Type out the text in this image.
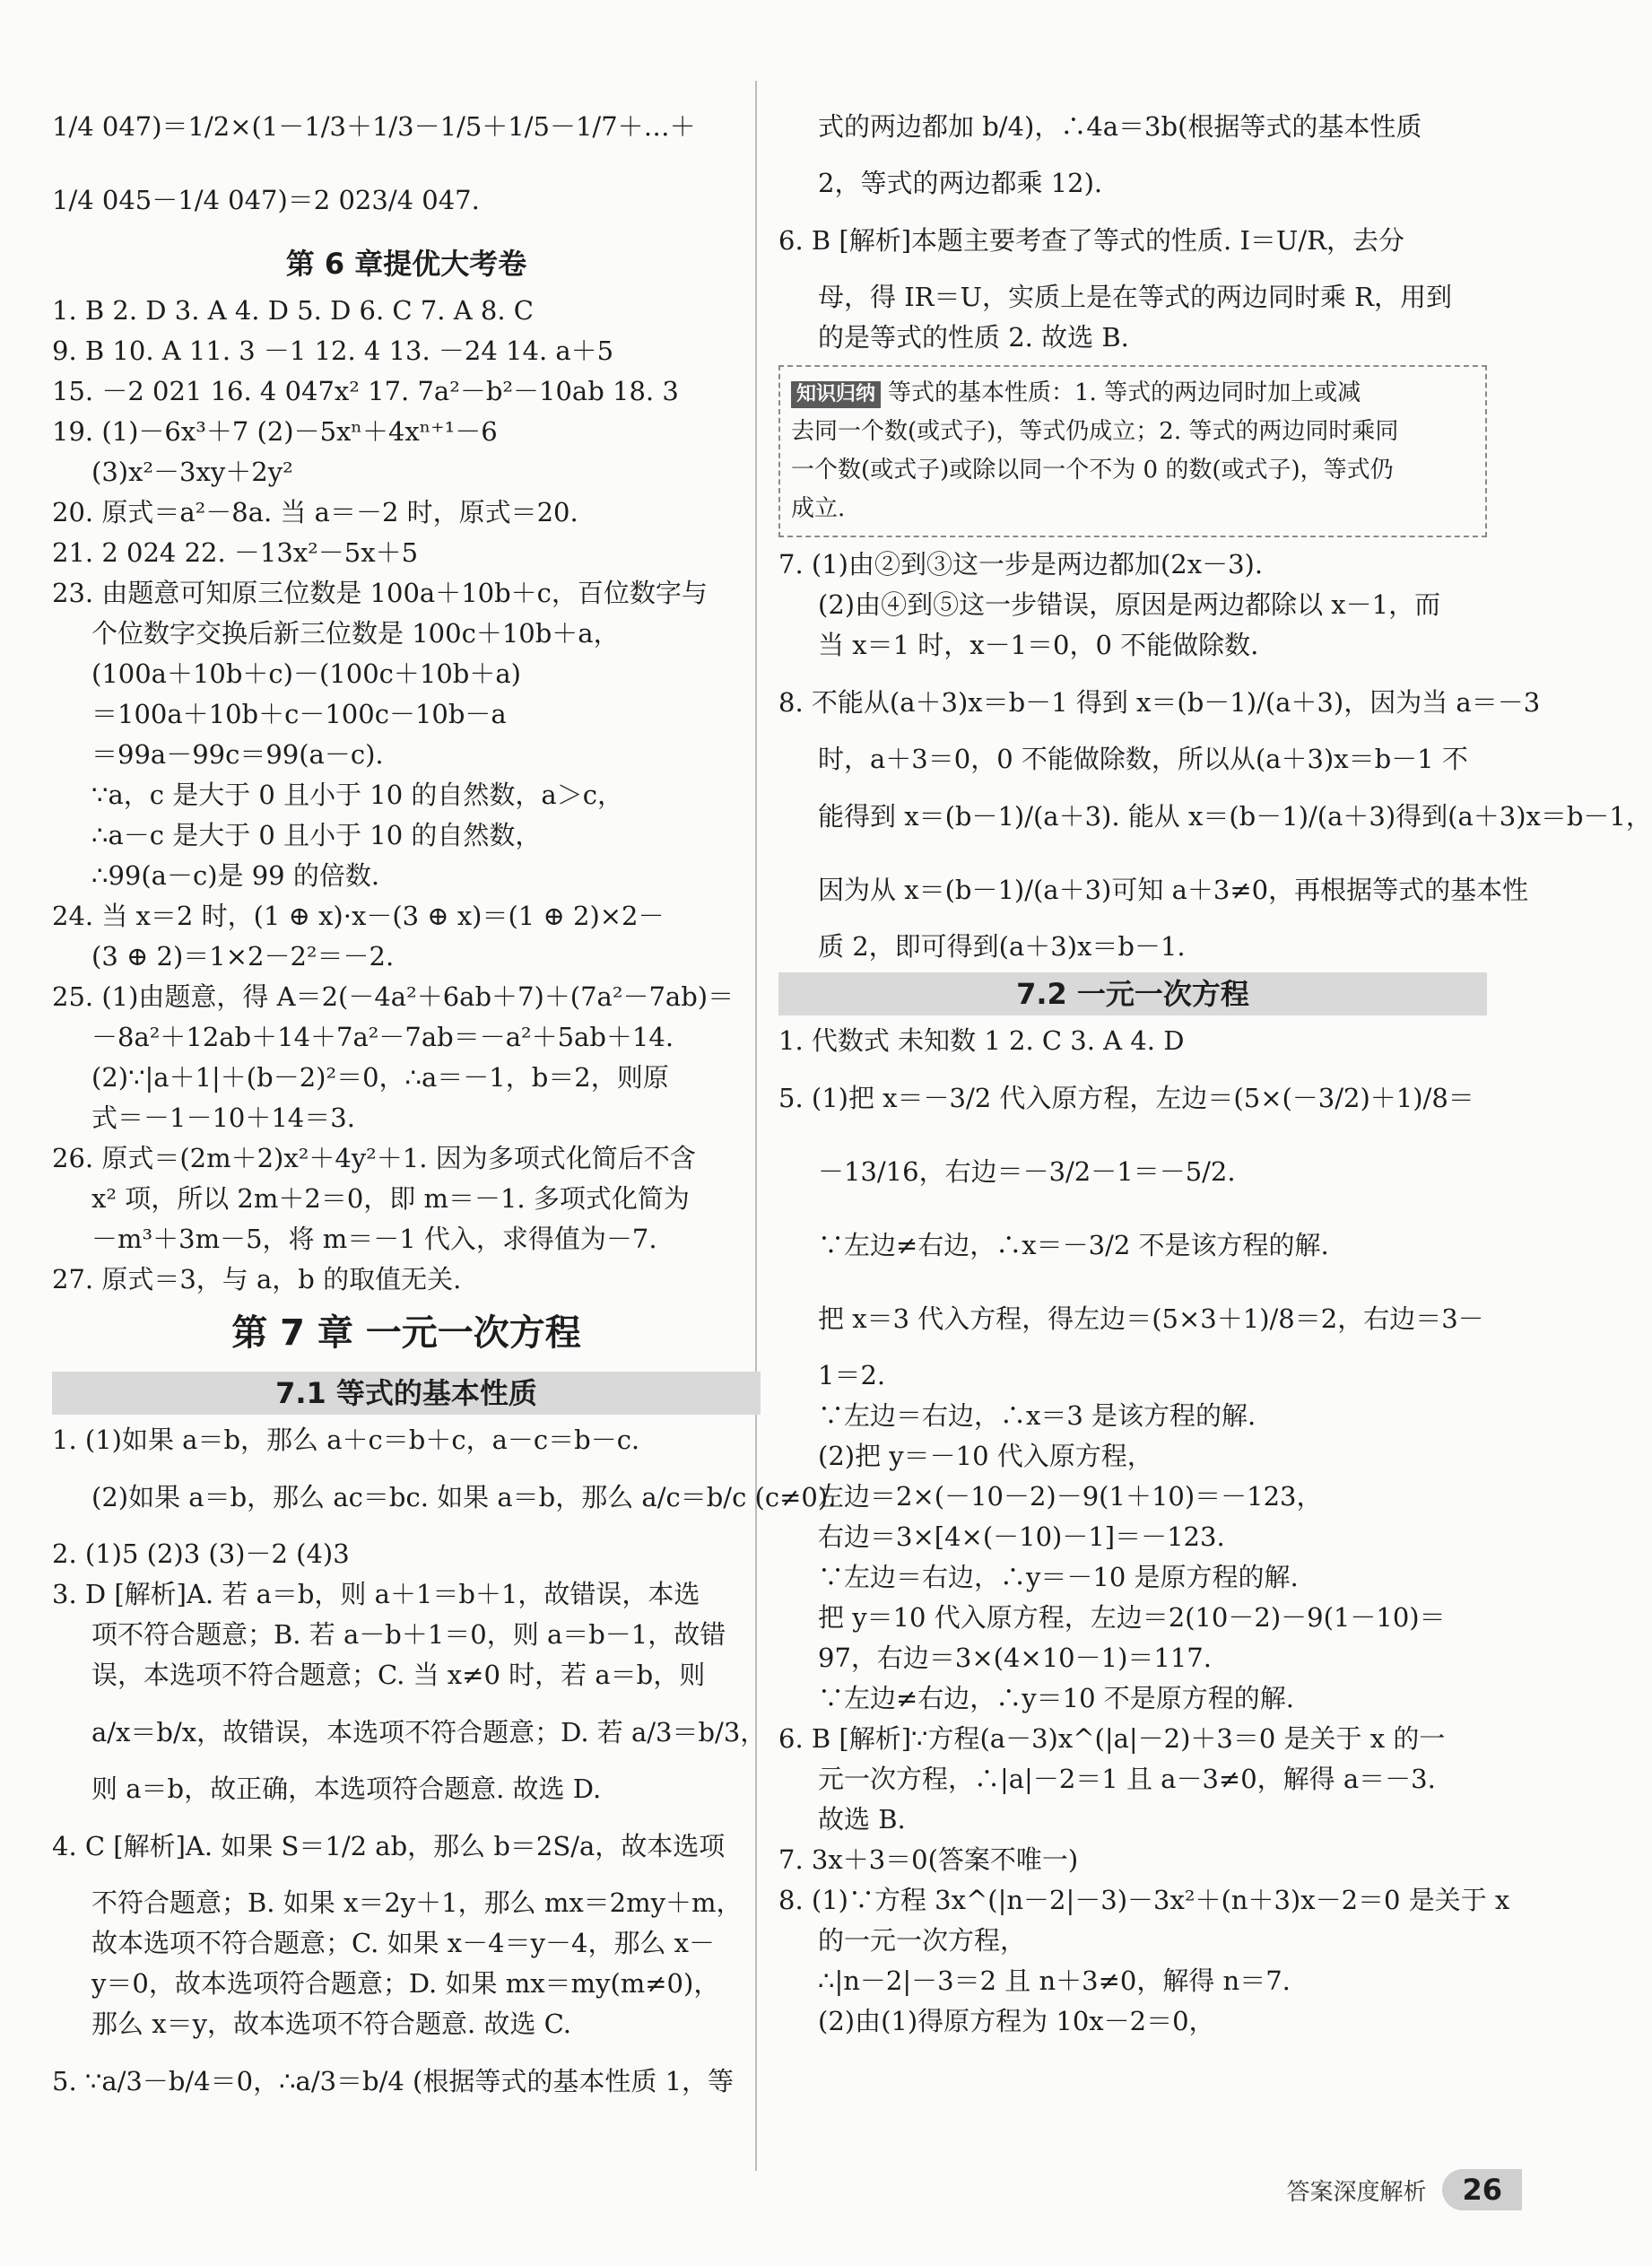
1/4 047)＝1/2×(1－1/3＋1/3－1/5＋1/5－1/7＋…＋
1/4 045－1/4 047)＝2 023/4 047.
第 6 章提优大考卷
1. B 2. D 3. A 4. D 5. D 6. C 7. A 8. C
9. B 10. A 11. 3 －1 12. 4 13. －24 14. a＋5
15. －2 021 16. 4 047x² 17. 7a²－b²－10ab 18. 3
19. (1)－6x³＋7 (2)－5xⁿ＋4xⁿ⁺¹－6
(3)x²－3xy＋2y²
20. 原式＝a²－8a. 当 a＝－2 时，原式＝20.
21. 2 024 22. －13x²－5x＋5
23. 由题意可知原三位数是 100a＋10b＋c，百位数字与
个位数字交换后新三位数是 100c＋10b＋a，
(100a＋10b＋c)－(100c＋10b＋a)
＝100a＋10b＋c－100c－10b－a
＝99a－99c＝99(a－c).
∵a，c 是大于 0 且小于 10 的自然数，a＞c，
∴a－c 是大于 0 且小于 10 的自然数，
∴99(a－c)是 99 的倍数.
24. 当 x＝2 时，(1 ⊕ x)·x－(3 ⊕ x)＝(1 ⊕ 2)×2－
(3 ⊕ 2)＝1×2－2²＝－2.
25. (1)由题意，得 A＝2(－4a²＋6ab＋7)＋(7a²－7ab)＝
－8a²＋12ab＋14＋7a²－7ab＝－a²＋5ab＋14.
(2)∵|a＋1|＋(b－2)²＝0，∴a＝－1，b＝2，则原
式＝－1－10＋14＝3.
26. 原式＝(2m＋2)x²＋4y²＋1. 因为多项式化简后不含
x² 项，所以 2m＋2＝0，即 m＝－1. 多项式化简为
－m³＋3m－5，将 m＝－1 代入，求得值为－7.
27. 原式＝3，与 a，b 的取值无关.
第 7 章 一元一次方程
7.1 等式的基本性质
1. (1)如果 a＝b，那么 a＋c＝b＋c，a－c＝b－c.
(2)如果 a＝b，那么 ac＝bc. 如果 a＝b，那么 a/c＝b/c (c≠0).
2. (1)5 (2)3 (3)－2 (4)3
3. D [解析]A. 若 a＝b，则 a＋1＝b＋1，故错误，本选
项不符合题意；B. 若 a－b＋1＝0，则 a＝b－1，故错
误，本选项不符合题意；C. 当 x≠0 时，若 a＝b，则
a/x＝b/x，故错误，本选项不符合题意；D. 若 a/3＝b/3，
则 a＝b，故正确，本选项符合题意. 故选 D.
4. C [解析]A. 如果 S＝1/2 ab，那么 b＝2S/a，故本选项
不符合题意；B. 如果 x＝2y＋1，那么 mx＝2my＋m，
故本选项不符合题意；C. 如果 x－4＝y－4，那么 x－
y＝0，故本选项符合题意；D. 如果 mx＝my(m≠0)，
那么 x＝y，故本选项不符合题意. 故选 C.
5. ∵a/3－b/4＝0，∴a/3＝b/4 (根据等式的基本性质 1，等
式的两边都加 b/4)，∴4a＝3b(根据等式的基本性质
2，等式的两边都乘 12).
6. B [解析]本题主要考查了等式的性质. I＝U/R，去分
母，得 IR＝U，实质上是在等式的两边同时乘 R，用到
的是等式的性质 2. 故选 B.
知识归纳 等式的基本性质：1. 等式的两边同时加上或减
去同一个数(或式子)，等式仍成立；2. 等式的两边同时乘同
一个数(或式子)或除以同一个不为 0 的数(或式子)，等式仍
成立.
7. (1)由②到③这一步是两边都加(2x－3).
(2)由④到⑤这一步错误，原因是两边都除以 x－1，而
当 x＝1 时，x－1＝0，0 不能做除数.
8. 不能从(a＋3)x＝b－1 得到 x＝(b－1)/(a＋3)，因为当 a＝－3
时，a＋3＝0，0 不能做除数，所以从(a＋3)x＝b－1 不
能得到 x＝(b－1)/(a＋3). 能从 x＝(b－1)/(a＋3)得到(a＋3)x＝b－1，
因为从 x＝(b－1)/(a＋3)可知 a＋3≠0，再根据等式的基本性
质 2，即可得到(a＋3)x＝b－1.
7.2 一元一次方程
1. 代数式 未知数 1 2. C 3. A 4. D
5. (1)把 x＝－3/2 代入原方程，左边＝(5×(－3/2)＋1)/8＝
－13/16，右边＝－3/2－1＝－5/2.
∵左边≠右边，∴x＝－3/2 不是该方程的解.
把 x＝3 代入方程，得左边＝(5×3＋1)/8＝2，右边＝3－
1＝2.
∵左边＝右边，∴x＝3 是该方程的解.
(2)把 y＝－10 代入原方程，
左边＝2×(－10－2)－9(1＋10)＝－123，
右边＝3×[4×(－10)－1]＝－123.
∵左边＝右边，∴y＝－10 是原方程的解.
把 y＝10 代入原方程，左边＝2(10－2)－9(1－10)＝
97，右边＝3×(4×10－1)＝117.
∵左边≠右边，∴y＝10 不是原方程的解.
6. B [解析]∵方程(a－3)x^(|a|－2)＋3＝0 是关于 x 的一
元一次方程，∴|a|－2＝1 且 a－3≠0，解得 a＝－3.
故选 B.
7. 3x＋3＝0(答案不唯一)
8. (1)∵方程 3x^(|n－2|－3)－3x²＋(n＋3)x－2＝0 是关于 x
的一元一次方程，
∴|n－2|－3＝2 且 n＋3≠0，解得 n＝7.
(2)由(1)得原方程为 10x－2＝0，
答案深度解析	26
